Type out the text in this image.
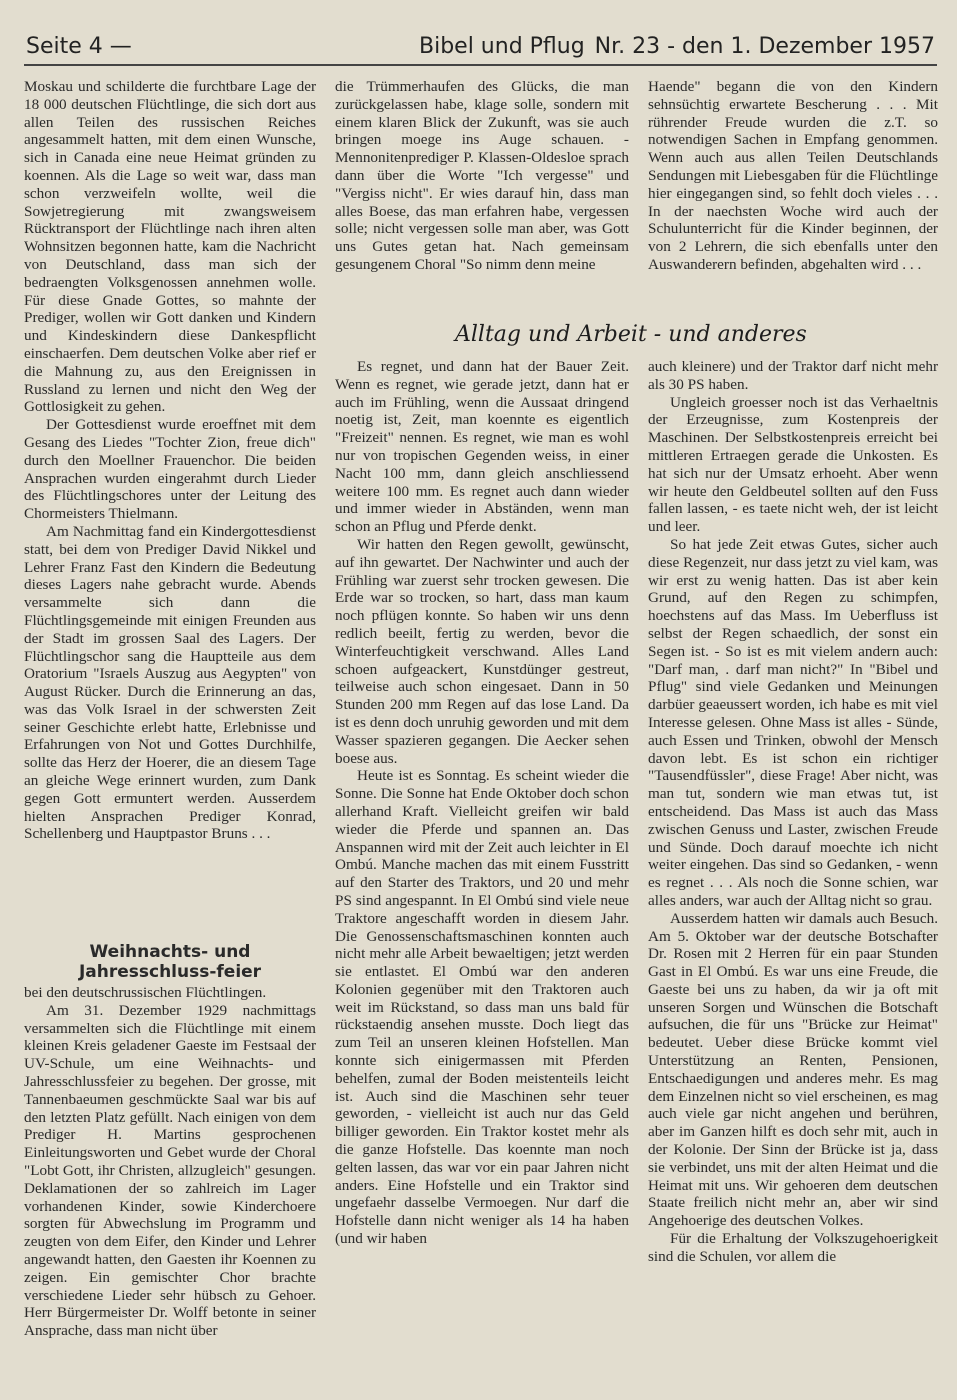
Seite 4 —	Bibel und Pflug Nr. 23 - den 1. Dezember 1957

Moskau und schilderte die furchtbare Lage der 18 000 deutschen Flüchtlinge, die sich dort aus allen Teilen des russischen Reiches angesammelt hatten, mit dem einen Wunsche, sich in Canada eine neue Heimat gründen zu koennen. Als die Lage so weit war, dass man schon verzweifeln wollte, weil die Sowjetregierung mit zwangsweisem Rücktransport der Flüchtlinge nach ihren alten Wohnsitzen begonnen hatte, kam die Nachricht von Deutschland, dass man sich der bedraengten Volksgenossen annehmen wolle. Für diese Gnade Gottes, so mahnte der Prediger, wollen wir Gott danken und Kindern und Kindeskindern diese Dankespflicht einschaerfen. Dem deutschen Volke aber rief er die Mahnung zu, aus den Ereignissen in Russland zu lernen und nicht den Weg der Gottlosigkeit zu gehen.

Der Gottesdienst wurde eroeffnet mit dem Gesang des Liedes "Tochter Zion, freue dich" durch den Moellner Frauenchor. Die beiden Ansprachen wurden eingerahmt durch Lieder des Flüchtlingschores unter der Leitung des Chormeisters Thielmann.

Am Nachmittag fand ein Kindergottesdienst statt, bei dem von Prediger David Nikkel und Lehrer Franz Fast den Kindern die Bedeutung dieses Lagers nahe gebracht wurde. Abends versammelte sich dann die Flüchtlingsgemeinde mit einigen Freunden aus der Stadt im grossen Saal des Lagers. Der Flüchtlingschor sang die Hauptteile aus dem Oratorium "Israels Auszug aus Aegypten" von August Rücker. Durch die Erinnerung an das, was das Volk Israel in der schwersten Zeit seiner Geschichte erlebt hatte, Erlebnisse und Erfahrungen von Not und Gottes Durchhilfe, sollte das Herz der Hoerer, die an diesem Tage an gleiche Wege erinnert wurden, zum Dank gegen Gott ermuntert werden. Ausserdem hielten Ansprachen Prediger Konrad, Schellenberg und Hauptpastor Bruns . . .

Weihnachts- und Jahresschluss-feier

bei den deutschrussischen Flüchtlingen.

Am 31. Dezember 1929 nachmittags versammelten sich die Flüchtlinge mit einem kleinen Kreis geladener Gaeste im Festsaal der UV-Schule, um eine Weihnachts- und Jahresschlussfeier zu begehen. Der grosse, mit Tannenbaeumen geschmückte Saal war bis auf den letzten Platz gefüllt. Nach einigen von dem Prediger H. Martins gesprochenen Einleitungsworten und Gebet wurde der Choral "Lobt Gott, ihr Christen, allzugleich" gesungen. Deklamationen der so zahlreich im Lager vorhandenen Kinder, sowie Kinderchoere sorgten für Abwechslung im Programm und zeugten von dem Eifer, den Kinder und Lehrer angewandt hatten, den Gaesten ihr Koennen zu zeigen. Ein gemischter Chor brachte verschiedene Lieder sehr hübsch zu Gehoer. Herr Bürgermeister Dr. Wolff betonte in seiner Ansprache, dass man nicht über

die Trümmerhaufen des Glücks, die man zurückgelassen habe, klage solle, sondern mit einem klaren Blick der Zukunft, was sie auch bringen moege ins Auge schauen. - Mennonitenprediger P. Klassen-Oldesloe sprach dann über die Worte "Ich vergesse" und "Vergiss nicht". Er wies darauf hin, dass man alles Boese, das man erfahren habe, vergessen solle; nicht vergessen solle man aber, was Gott uns Gutes getan hat. Nach gemeinsam gesungenem Choral "So nimm denn meine

Haende" begann die von den Kindern sehnsüchtig erwartete Bescherung . . . Mit rührender Freude wurden die z.T. so notwendigen Sachen in Empfang genommen. Wenn auch aus allen Teilen Deutschlands Sendungen mit Liebesgaben für die Flüchtlinge hier eingegangen sind, so fehlt doch vieles . . . In der naechsten Woche wird auch der Schulunterricht für die Kinder beginnen, der von 2 Lehrern, die sich ebenfalls unter den Auswanderern befinden, abgehalten wird . . .

Alltag und Arbeit - und anderes

Es regnet, und dann hat der Bauer Zeit. Wenn es regnet, wie gerade jetzt, dann hat er auch im Frühling, wenn die Aussaat dringend noetig ist, Zeit, man koennte es eigentlich "Freizeit" nennen. Es regnet, wie man es wohl nur von tropischen Gegenden weiss, in einer Nacht 100 mm, dann gleich anschliessend weitere 100 mm. Es regnet auch dann wieder und immer wieder in Abständen, wenn man schon an Pflug und Pferde denkt.

Wir hatten den Regen gewollt, gewünscht, auf ihn gewartet. Der Nachwinter und auch der Frühling war zuerst sehr trocken gewesen. Die Erde war so trocken, so hart, dass man kaum noch pflügen konnte. So haben wir uns denn redlich beeilt, fertig zu werden, bevor die Winterfeuchtigkeit verschwand. Alles Land schoen aufgeackert, Kunstdünger gestreut, teilweise auch schon eingesaet. Dann in 50 Stunden 200 mm Regen auf das lose Land. Da ist es denn doch unruhig geworden und mit dem Wasser spazieren gegangen. Die Aecker sehen boese aus.

Heute ist es Sonntag. Es scheint wieder die Sonne. Die Sonne hat Ende Oktober doch schon allerhand Kraft. Vielleicht greifen wir bald wieder die Pferde und spannen an. Das Anspannen wird mit der Zeit auch leichter in El Ombú. Manche machen das mit einem Fusstritt auf den Starter des Traktors, und 20 und mehr PS sind angespannt. In El Ombú sind viele neue Traktore angeschafft worden in diesem Jahr. Die Genossenschaftsmaschinen konnten auch nicht mehr alle Arbeit bewaeltigen; jetzt werden sie entlastet. El Ombú war den anderen Kolonien gegenüber mit den Traktoren auch weit im Rückstand, so dass man uns bald für rückstaendig ansehen musste. Doch liegt das zum Teil an unseren kleinen Hofstellen. Man konnte sich einigermassen mit Pferden behelfen, zumal der Boden meistenteils leicht ist. Auch sind die Maschinen sehr teuer geworden, - vielleicht ist auch nur das Geld billiger geworden. Ein Traktor kostet mehr als die ganze Hofstelle. Das koennte man noch gelten lassen, das war vor ein paar Jahren nicht anders. Eine Hofstelle und ein Traktor sind ungefaehr dasselbe Vermoegen. Nur darf die Hofstelle dann nicht weniger als 14 ha haben (und wir haben

auch kleinere) und der Traktor darf nicht mehr als 30 PS haben.

Ungleich groesser noch ist das Verhaeltnis der Erzeugnisse, zum Kostenpreis der Maschinen. Der Selbstkostenpreis erreicht bei mittleren Ertraegen gerade die Unkosten. Es hat sich nur der Umsatz erhoeht. Aber wenn wir heute den Geldbeutel sollten auf den Fuss fallen lassen, - es taete nicht weh, der ist leicht und leer.

So hat jede Zeit etwas Gutes, sicher auch diese Regenzeit, nur dass jetzt zu viel kam, was wir erst zu wenig hatten. Das ist aber kein Grund, auf den Regen zu schimpfen, hoechstens auf das Mass. Im Ueberfluss ist selbst der Regen schaedlich, der sonst ein Segen ist. - So ist es mit vielem andern auch: "Darf man, . darf man nicht?" In "Bibel und Pflug" sind viele Gedanken und Meinungen darbüer geaeussert worden, ich habe es mit viel Interesse gelesen. Ohne Mass ist alles - Sünde, auch Essen und Trinken, obwohl der Mensch davon lebt. Es ist schon ein richtiger "Tausendfüssler", diese Frage! Aber nicht, was man tut, sondern wie man etwas tut, ist entscheidend. Das Mass ist auch das Mass zwischen Genuss und Laster, zwischen Freude und Sünde. Doch darauf moechte ich nicht weiter eingehen. Das sind so Gedanken, - wenn es regnet . . . Als noch die Sonne schien, war alles anders, war auch der Alltag nicht so grau.

Ausserdem hatten wir damals auch Besuch. Am 5. Oktober war der deutsche Botschafter Dr. Rosen mit 2 Herren für ein paar Stunden Gast in El Ombú. Es war uns eine Freude, die Gaeste bei uns zu haben, da wir ja oft mit unseren Sorgen und Wünschen die Botschaft aufsuchen, die für uns "Brücke zur Heimat" bedeutet. Ueber diese Brücke kommt viel Unterstützung an Renten, Pensionen, Entschaedigungen und anderes mehr. Es mag dem Einzelnen nicht so viel erscheinen, es mag auch viele gar nicht angehen und berühren, aber im Ganzen hilft es doch sehr mit, auch in der Kolonie. Der Sinn der Brücke ist ja, dass sie verbindet, uns mit der alten Heimat und die Heimat mit uns. Wir gehoeren dem deutschen Staate freilich nicht mehr an, aber wir sind Angehoerige des deutschen Volkes.

Für die Erhaltung der Volkszugehoerigkeit sind die Schulen, vor allem die
